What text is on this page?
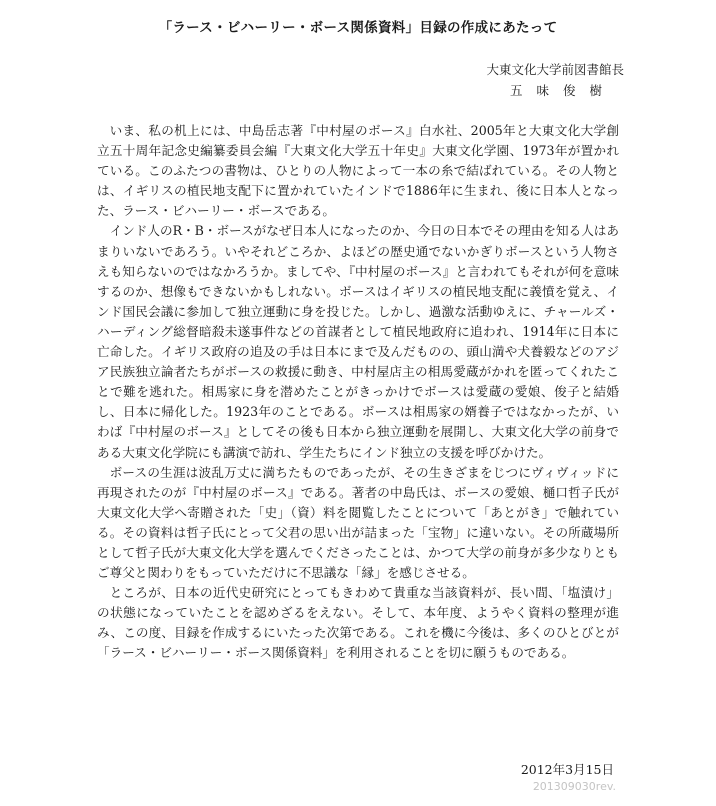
「ラース・ビハーリー・ボース関係資料」目録の作成にあたって
大東文化大学前図書館長
五味俊樹

いま、私の机上には、中島岳志著『中村屋のボース』白水社、2005年と大東文化大学創立五十周年記念史編纂委員会編『大東文化大学五十年史』大東文化学園、1973年が置かれている。このふたつの書物は、ひとりの人物によって一本の糸で結ばれている。その人物とは、イギリスの植民地支配下に置かれていたインドで1886年に生まれ、後に日本人となった、ラース・ビハーリー・ボースである。

インド人のR・B・ボースがなぜ日本人になったのか、今日の日本でその理由を知る人はあまりいないであろう。いやそれどころか、よほどの歴史通でないかぎりボースという人物さえも知らないのではなかろうか。ましてや、『中村屋のボース』と言われてもそれが何を意味するのか、想像もできないかもしれない。ボースはイギリスの植民地支配に義憤を覚え、インド国民会議に参加して独立運動に身を投じた。しかし、過激な活動ゆえに、チャールズ・ハーディング総督暗殺未遂事件などの首謀者として植民地政府に追われ、1914年に日本に亡命した。イギリス政府の追及の手は日本にまで及んだものの、頭山満や犬養毅などのアジア民族独立論者たちがボースの救援に動き、中村屋店主の相馬愛蔵がかれを匿ってくれたことで難を逃れた。相馬家に身を潜めたことがきっかけでボースは愛蔵の愛娘、俊子と結婚し、日本に帰化した。1923年のことである。ボースは相馬家の婿養子ではなかったが、いわば『中村屋のボース』としてその後も日本から独立運動を展開し、大東文化大学の前身である大東文化学院にも講演で訪れ、学生たちにインド独立の支援を呼びかけた。

ボースの生涯は波乱万丈に満ちたものであったが、その生きざまをじつにヴィヴィッドに再現されたのが『中村屋のボース』である。著者の中島氏は、ボースの愛娘、樋口哲子氏が大東文化大学へ寄贈された「史」（資）料を閲覧したことについて「あとがき」で触れている。その資料は哲子氏にとって父君の思い出が詰まった「宝物」に違いない。その所蔵場所として哲子氏が大東文化大学を選んでくださったことは、かつて大学の前身が多少なりともご尊父と関わりをもっていただけに不思議な「縁」を感じさせる。

ところが、日本の近代史研究にとってもきわめて貴重な当該資料が、長い間、「塩漬け」の状態になっていたことを認めざるをえない。そして、本年度、ようやく資料の整理が進み、この度、目録を作成するにいたった次第である。これを機に今後は、多くのひとびとが「ラース・ビハーリー・ボース関係資料」を利用されることを切に願うものである。

2012年3月15日
201309030rev.
